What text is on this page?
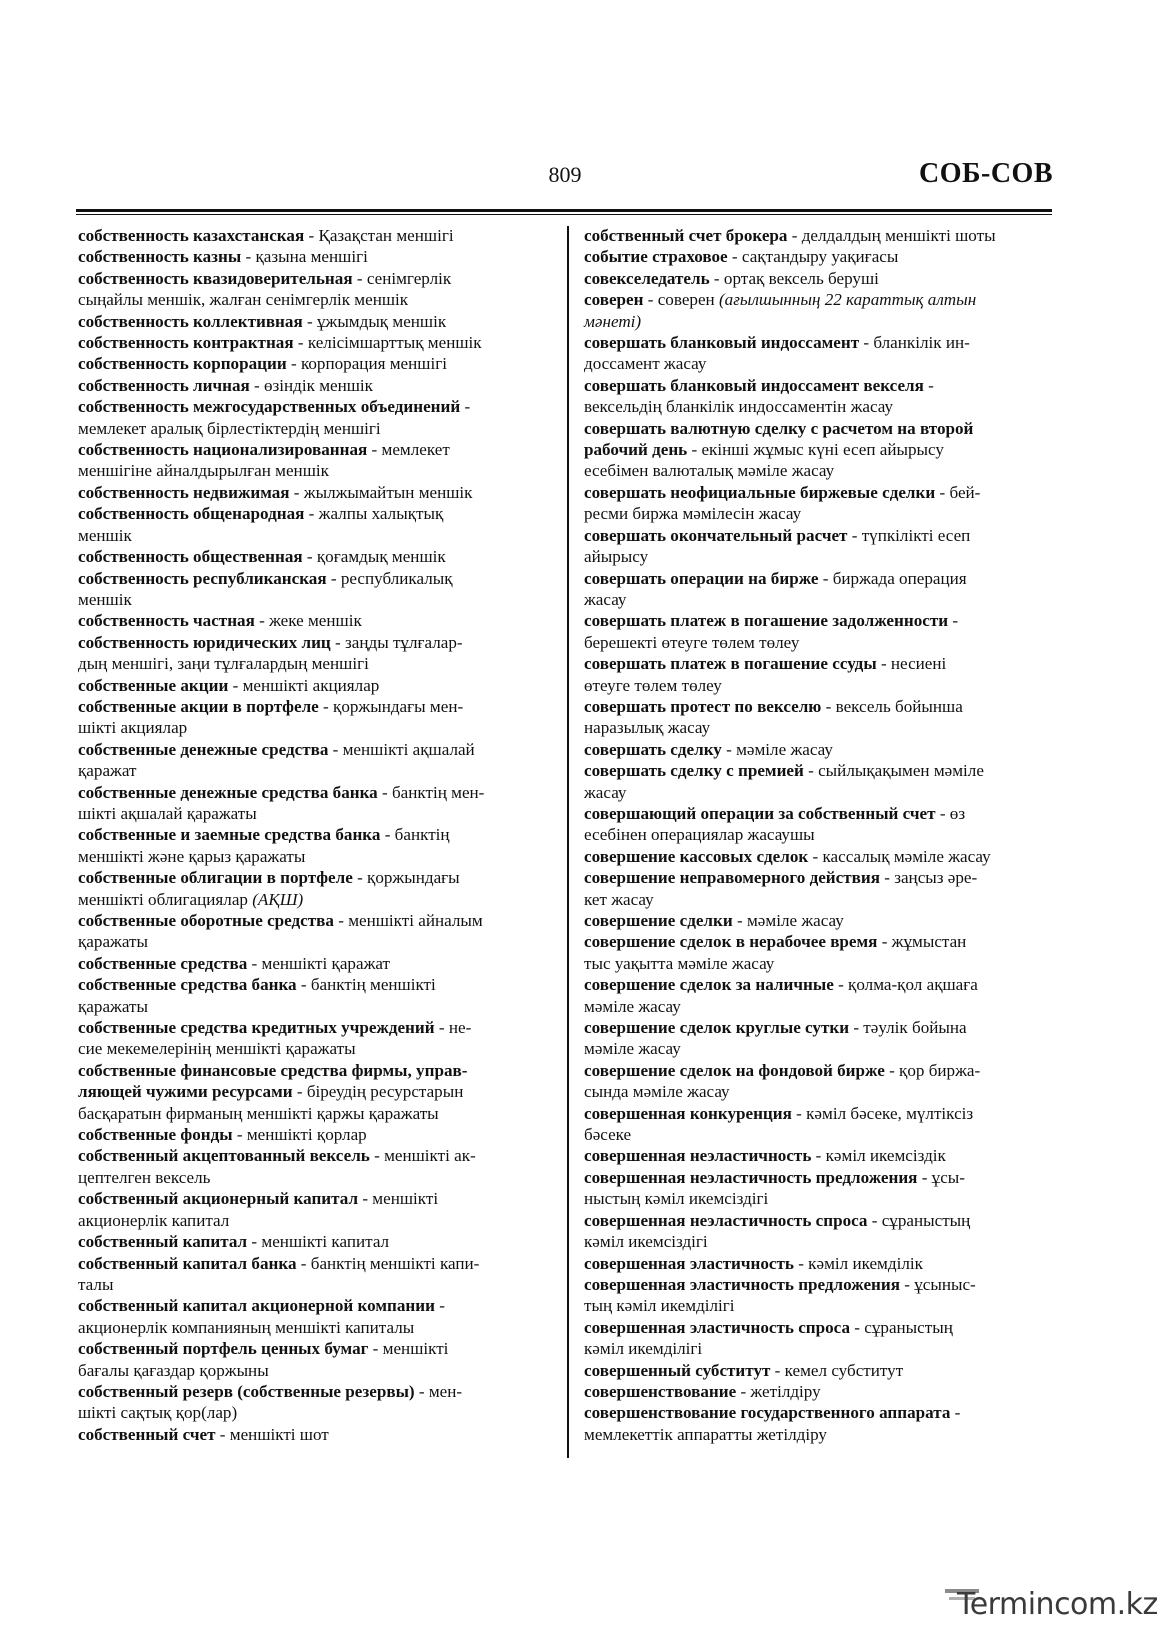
809	СОБ-СОВ

собственность казахстанская - Қазақстан меншігі

собственность казны - қазына меншігі

собственность квазидоверительная - сенімгерлік
сыңайлы меншік, жалған сенімгерлік меншік

собственность коллективная - ұжымдық меншік

собственность контрактная - келісімшарттық меншік

собственность корпорации - корпорация меншігі

собственность личная - өзіндік меншік

собственность межгосударственных объединений -
мемлекет аралық бірлестіктердің меншігі

собственность национализированная - мемлекет
меншігіне айналдырылған меншік

собственность недвижимая - жылжымайтын меншік

собственность общенародная - жалпы халықтық
меншік

собственность общественная - қоғамдық меншік

собственность республиканская - республикалық
меншік

собственность частная - жеке меншік

собственность юридических лиц - заңды тұлғалар-
дың меншігі, заңи тұлғалардың меншігі

собственные акции - меншікті акциялар

собственные акции в портфеле - қоржындағы мен-
шікті акциялар

собственные денежные средства - меншікті ақшалай
қаражат

собственные денежные средства банка - банктің мен-
шікті ақшалай қаражаты

собственные и заемные средства банка - банктің
меншікті және қарыз қаражаты

собственные облигации в портфеле - қоржындағы
меншікті облигациялар (АҚШ)

собственные оборотные средства - меншікті айналым
қаражаты

собственные средства - меншікті қаражат

собственные средства банка - банктің меншікті
қаражаты

собственные средства кредитных учреждений - не-
сие мекемелерінің меншікті қаражаты

собственные финансовые средства фирмы, управ-
ляющей чужими ресурсами - біреудің ресурстарын
басқаратын фирманың меншікті қаржы қаражаты

собственные фонды - меншікті қорлар

собственный акцептованный вексель - меншікті ак-
цептелген вексель

собственный акционерный капитал - меншікті
акционерлік капитал

собственный капитал - меншікті капитал

собственный капитал банка - банктің меншікті капи-
талы

собственный капитал акционерной компании -
акционерлік компанияның меншікті капиталы

собственный портфель ценных бумаг - меншікті
бағалы қағаздар қоржыны

собственный резерв (собственные резервы) - мен-
шікті сақтық қор(лар)

собственный счет - меншікті шот

собственный счет брокера - делдалдың меншікті шоты

событие страховое - сақтандыру уақиғасы

совекселедатель - ортақ вексель беруші

соверен - соверен (ағылшынның 22 караттық алтын
мәнеті)

совершать бланковый индоссамент - бланкілік ин-
доссамент жасау

совершать бланковый индоссамент векселя -
вексельдің бланкілік индоссаментін жасау

совершать валютную сделку с расчетом на второй
рабочий день - екінші жұмыс күні есеп айырысу
есебімен валюталық мәміле жасау

совершать неофициальные биржевые сделки - бей-
ресми биржа мәмілесін жасау

совершать окончательный расчет - түпкілікті есеп
айырысу

совершать операции на бирже - биржада операция
жасау

совершать платеж в погашение задолженности -
берешекті өтеуге төлем төлеу

совершать платеж в погашение ссуды - несиені
өтеуге төлем төлеу

совершать протест по векселю - вексель бойынша
наразылық жасау

совершать сделку - мәміле жасау

совершать сделку с премией - сыйлықақымен мәміле
жасау

совершающий операции за собственный счет - өз
есебінен операциялар жасаушы

совершение кассовых сделок - кассалық мәміле жасау

совершение неправомерного действия - заңсыз әре-
кет жасау

совершение сделки - мәміле жасау

совершение сделок в нерабочее время - жұмыстан
тыс уақытта мәміле жасау

совершение сделок за наличные - қолма-қол ақшаға
мәміле жасау

совершение сделок круглые сутки - тәулік бойына
мәміле жасау

совершение сделок на фондовой бирже - қор биржа-
сында мәміле жасау

совершенная конкуренция - кәміл бәсеке, мүлтіксіз
бәсеке

совершенная неэластичность - кәміл икемсіздік

совершенная неэластичность предложения - ұсы-
ныстың кәміл икемсіздігі

совершенная неэластичность спроса - сұраныстың
кәміл икемсіздігі

совершенная эластичность - кәміл икемділік

совершенная эластичность предложения - ұсыныс-
тың кәміл икемділігі

совершенная эластичность спроса - сұраныстың
кәміл икемділігі

совершенный субститут - кемел субститут

совершенствование - жетілдіру

совершенствование государственного аппарата -
мемлекеттік аппаратты жетілдіру

Termincom.kz
